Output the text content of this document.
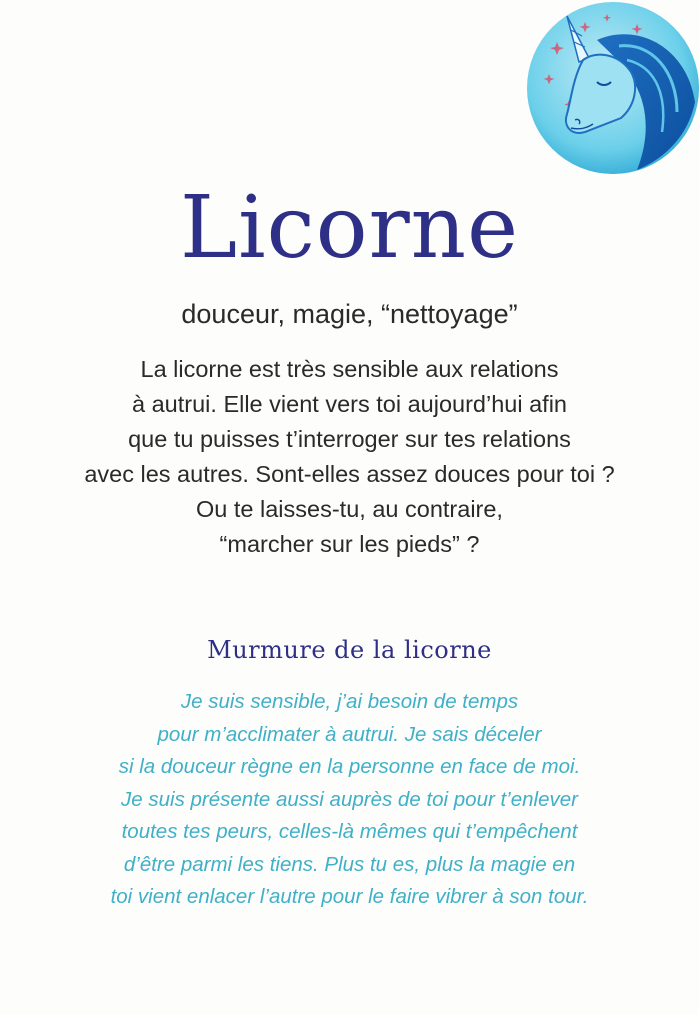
Licorne
douceur, magie, “nettoyage”
La licorne est très sensible aux relations
à autrui. Elle vient vers toi aujourd’hui afin
que tu puisses t’interroger sur tes relations
avec les autres. Sont-elles assez douces pour toi ?
Ou te laisses-tu, au contraire,
“marcher sur les pieds” ?
Murmure de la licorne
Je suis sensible, j’ai besoin de temps
pour m’acclimater à autrui. Je sais déceler
si la douceur règne en la personne en face de moi.
Je suis présente aussi auprès de toi pour t’enlever
toutes tes peurs, celles-là mêmes qui t’empêchent
d’être parmi les tiens. Plus tu es, plus la magie en
toi vient enlacer l’autre pour le faire vibrer à son tour.
